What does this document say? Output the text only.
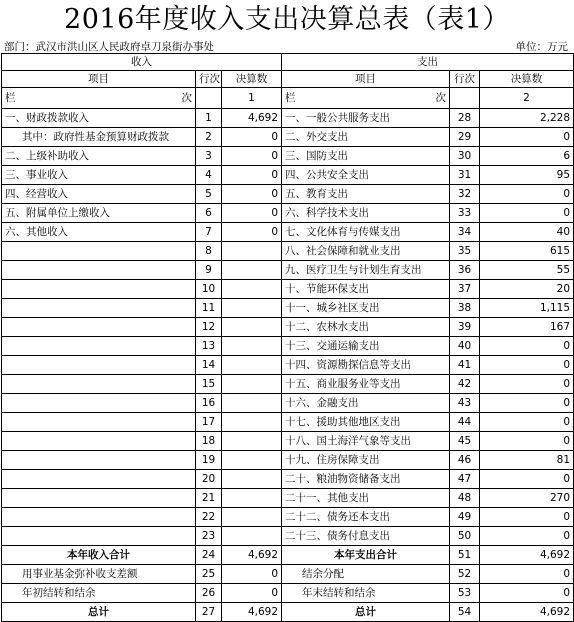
2016年度收入支出决算总表（表1）
部门：武汉市洪山区人民政府卓刀泉街办事处	单位：万元
收入			支出		
项目	行次	决算数	项目	行次	决算数
栏 次		1	栏 次		2
一、财政拨款收入	1	4,692	一、一般公共服务支出	28	2,228
其中：政府性基金预算财政拨款	2	0	二、外交支出	29	0
二、上级补助收入	3	0	三、国防支出	30	6
三、事业收入	4	0	四、公共安全支出	31	95
四、经营收入	5	0	五、教育支出	32	0
五、附属单位上缴收入	6	0	六、科学技术支出	33	0
六、其他收入	7	0	七、文化体育与传媒支出	34	40
	8		八、社会保障和就业支出	35	615
	9		九、医疗卫生与计划生育支出	36	55
	10		十、节能环保支出	37	20
	11		十一、城乡社区支出	38	1,115
	12		十二、农林水支出	39	167
	13		十三、交通运输支出	40	0
	14		十四、资源勘探信息等支出	41	0
	15		十五、商业服务业等支出	42	0
	16		十六、金融支出	43	0
	17		十七、援助其他地区支出	44	0
	18		十八、国土海洋气象等支出	45	0
	19		十九、住房保障支出	46	81
	20		二十、粮油物资储备支出	47	0
	21		二十一、其他支出	48	270
	22		二十二、债务还本支出	49	0
	23		二十三、债务付息支出	50	0
本年收入合计	24	4,692	本年支出合计	51	4,692
用事业基金弥补收支差额	25	0	结余分配	52	0
年初结转和结余	26	0	年末结转和结余	53	0
总计	27	4,692	总计	54	4,692
